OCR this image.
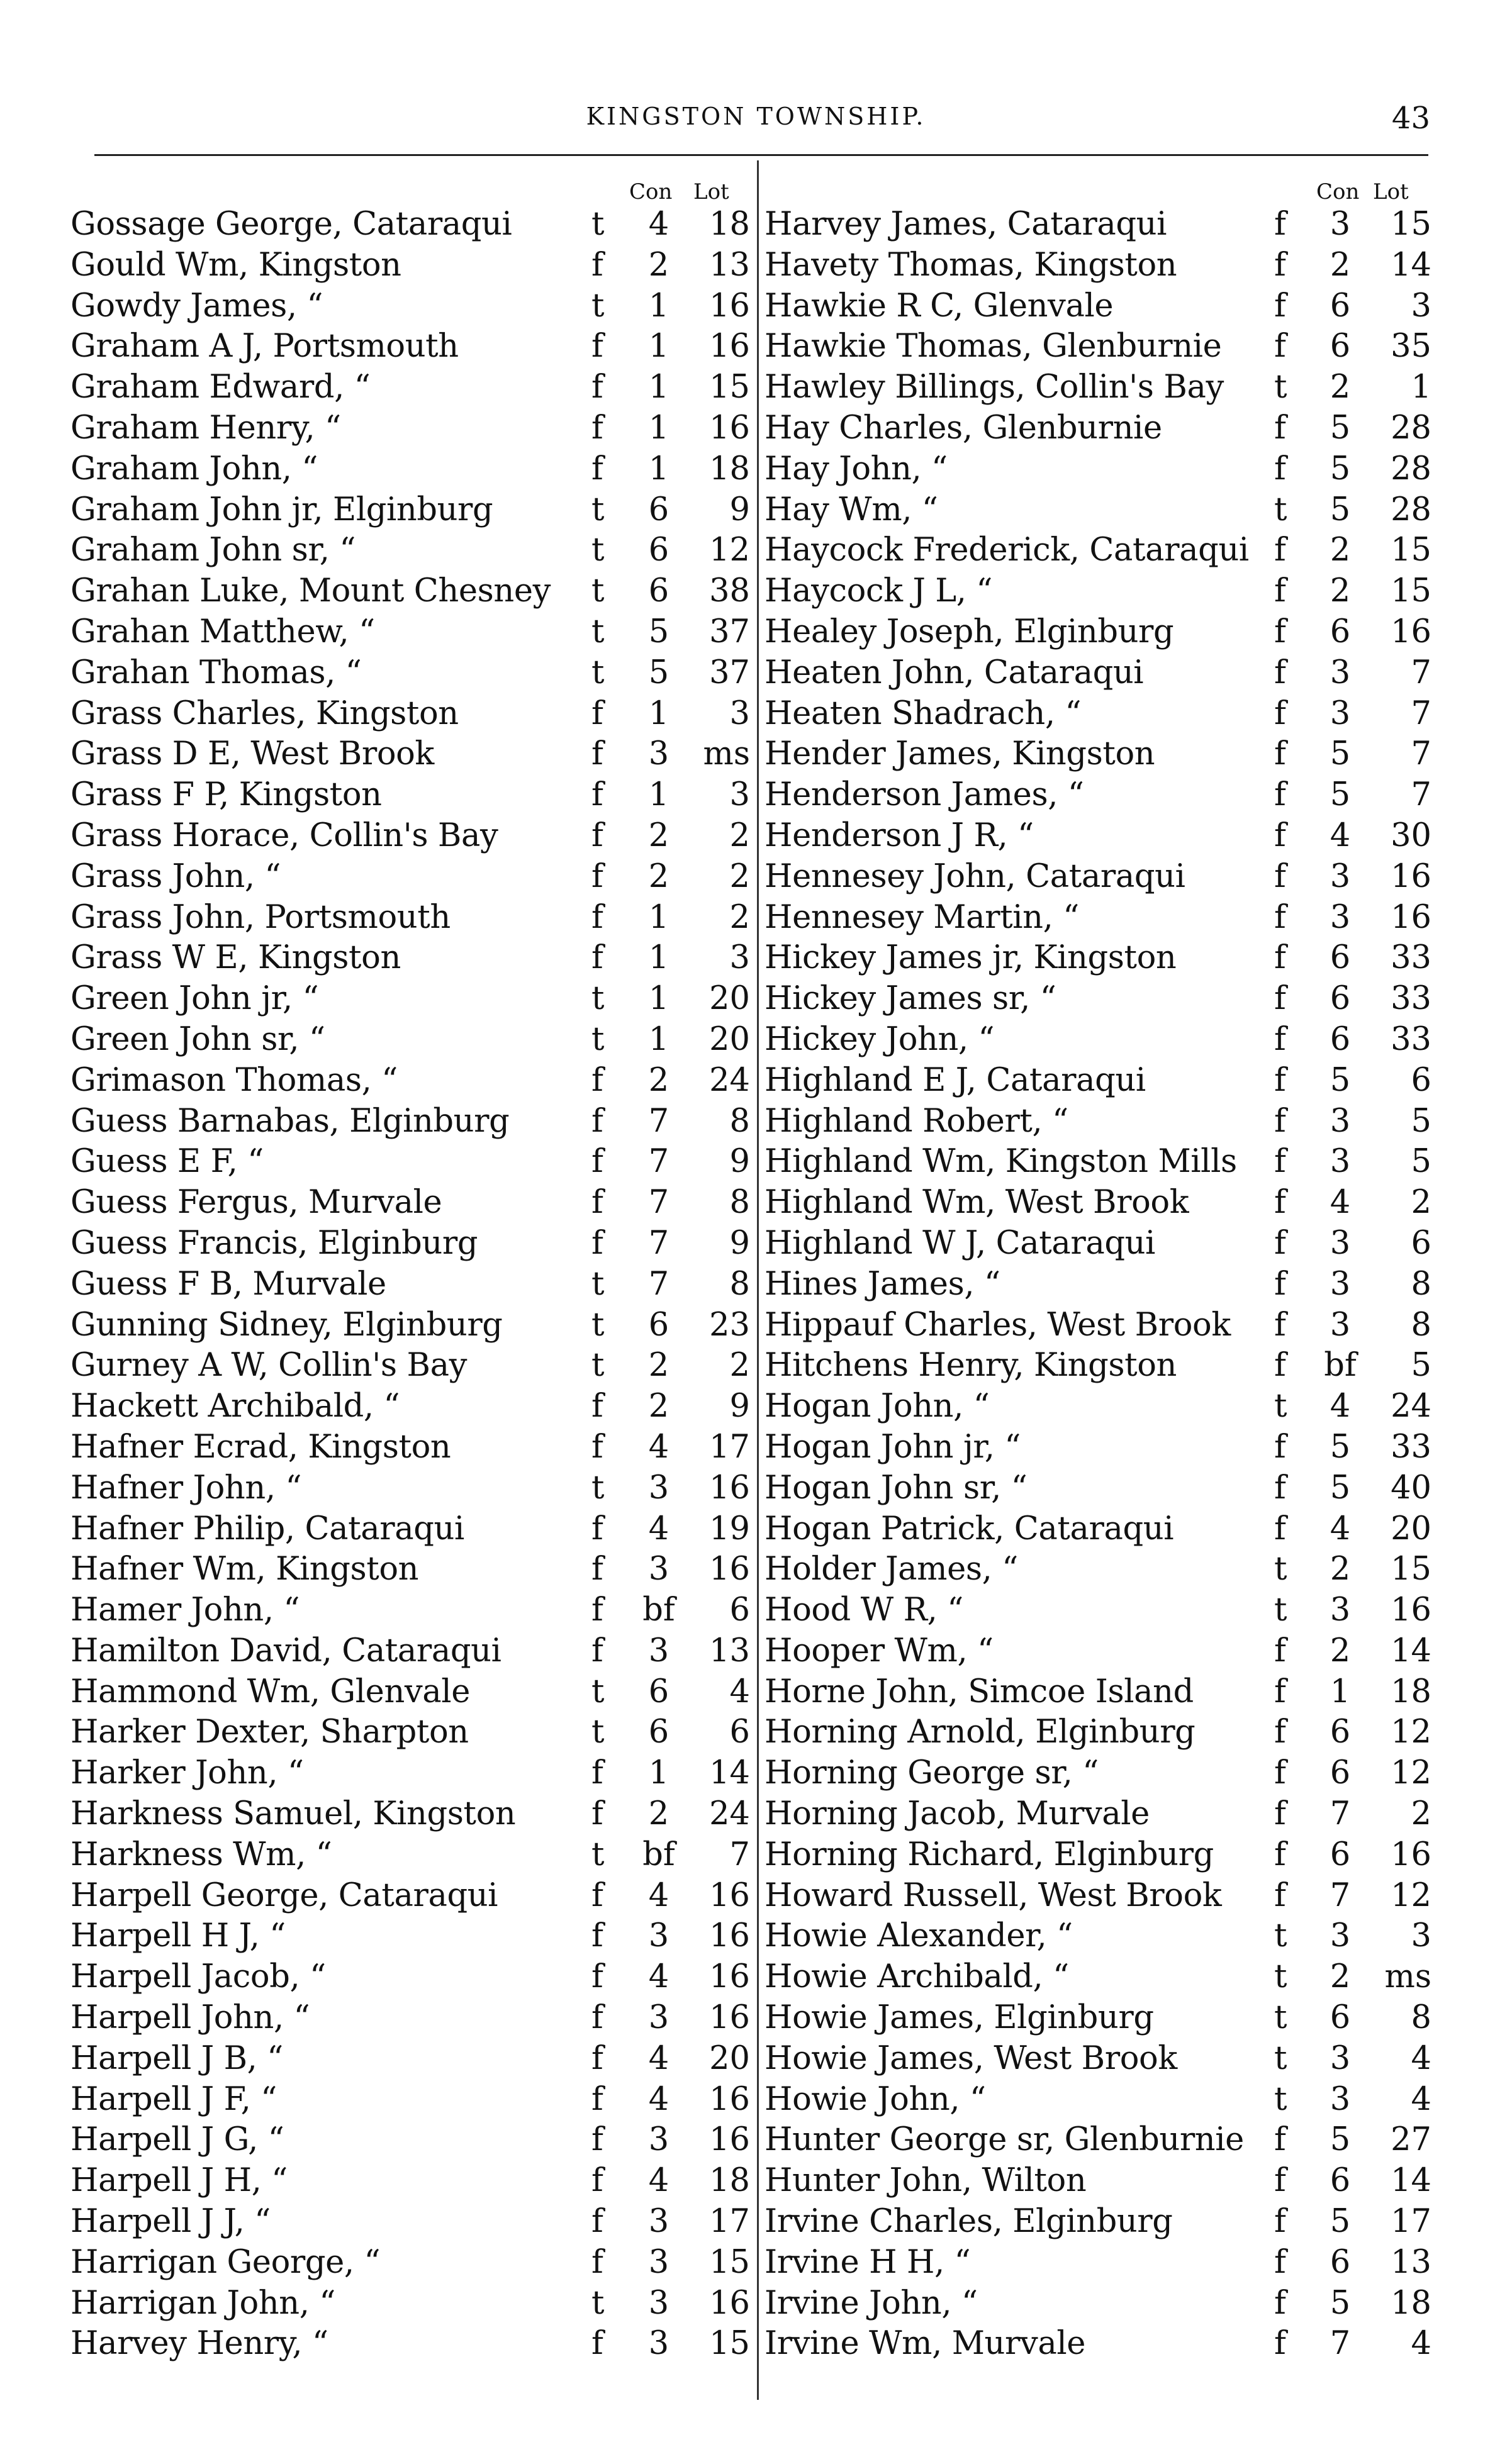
KINGSTON TOWNSHIP.	43
Con Lot
Gossage George, Cataraqui t	4	18
Gould Wm, Kingston	f	2	13
Gowdy James, “	t	1	16
Graham A J, Portsmouth	f	1	16
Graham Edward, “	f	1	15
Graham Henry, “	f	1	16
Graham John, “	f	1	18
Graham John jr, Elginburg	t	6	9
Graham John sr, “	t	6	12
Grahan Luke, Mount Chesney t	6	38
Grahan Matthew, “	t	5	37
Grahan Thomas, “	t	5	37
Grass Charles, Kingston	f	1	3
Grass D E, West Brook	f	3	ms
Grass F P, Kingston	f	1	3
Grass Horace, Collin's Bay	f	2	2
Grass John, “	f	2	2
Grass John, Portsmouth	f	1	2
Grass W E, Kingston	f	1	3
Green John jr, “	t	1	20
Green John sr, “	t	1	20
Grimason Thomas, “	f	2	24
Guess Barnabas, Elginburg	f	7	8
Guess E F, “	f	7	9
Guess Fergus, Murvale	f	7	8
Guess Francis, Elginburg	f	7	9
Guess F B, Murvale	t	7	8
Gunning Sidney, Elginburg	t	6	23
Gurney A W, Collin's Bay	t	2	2
Hackett Archibald, “	f	2	9
Hafner Ecrad, Kingston	f	4	17
Hafner John, “	t	3	16
Hafner Philip, Cataraqui	f	4	19
Hafner Wm, Kingston	f	3	16
Hamer John, “	f bf	6
Hamilton David, Cataraqui	f	3	13
Hammond Wm, Glenvale	t	6	4
Harker Dexter, Sharpton	t	6	6
Harker John, “	f	1	14
Harkness Samuel, Kingston f	2	24
Harkness Wm, “	t bf	7
Harpell George, Cataraqui	f	4	16
Harpell H J, “	f	3	16
Harpell Jacob, “	f	4	16
Harpell John, “	f	3	16
Harpell J B, “	f	4	20
Harpell J F, “	f	4	16
Harpell J G, “	f	3	16
Harpell J H, “	f	4	18
Harpell J J, “	f	3	17
Harrigan George, “	f	3	15
Harrigan John, “	t	3	16
Harvey Henry, “	f	3	15
Con Lot
Harvey James, Cataraqui	f	3	15
Havety Thomas, Kingston	f	2	14
Hawkie R C, Glenvale	f	6	3
Hawkie Thomas, Glenburnie f	6	35
Hawley Billings, Collin's Bay t	2	1
Hay Charles, Glenburnie	f	5	28
Hay John, “	f	5	28
Hay Wm, “	t	5	28
Haycock Frederick, Cataraqui f	2	15
Haycock J L, “	f	2	15
Healey Joseph, Elginburg	f	6	16
Heaten John, Cataraqui	f	3	7
Heaten Shadrach, “	f	3	7
Hender James, Kingston	f	5	7
Henderson James, “	f	5	7
Henderson J R, “	f	4	30
Hennesey John, Cataraqui	f	3	16
Hennesey Martin, “	f	3	16
Hickey James jr, Kingston	f	6	33
Hickey James sr, “	f	6	33
Hickey John, “	f	6	33
Highland E J, Cataraqui	f	5	6
Highland Robert, “	f	3	5
Highland Wm, Kingston Mills f	3	5
Highland Wm, West Brook	f	4	2
Highland W J, Cataraqui	f	3	6
Hines James, “	f	3	8
Hippauf Charles, West Brook f	3	8
Hitchens Henry, Kingston	f bf	5
Hogan John, “	t	4	24
Hogan John jr, “	f	5	33
Hogan John sr, “	f	5	40
Hogan Patrick, Cataraqui	f	4	20
Holder James, “	t	2	15
Hood W R, “	t	3	16
Hooper Wm, “	f	2	14
Horne John, Simcoe Island	f	1	18
Horning Arnold, Elginburg f	6	12
Horning George sr, “	f	6	12
Horning Jacob, Murvale	f	7	2
Horning Richard, Elginburg f	6	16
Howard Russell, West Brook f	7	12
Howie Alexander, “	t	3	3
Howie Archibald, “	t	2	ms
Howie James, Elginburg	t	6	8
Howie James, West Brook	t	3	4
Howie John, “	t	3	4
Hunter George sr, Glenburnie f	5	27
Hunter John, Wilton	f	6	14
Irvine Charles, Elginburg	f	5	17
Irvine H H, “	f	6	13
Irvine John, “	f	5	18
Irvine Wm, Murvale	f	7	4
